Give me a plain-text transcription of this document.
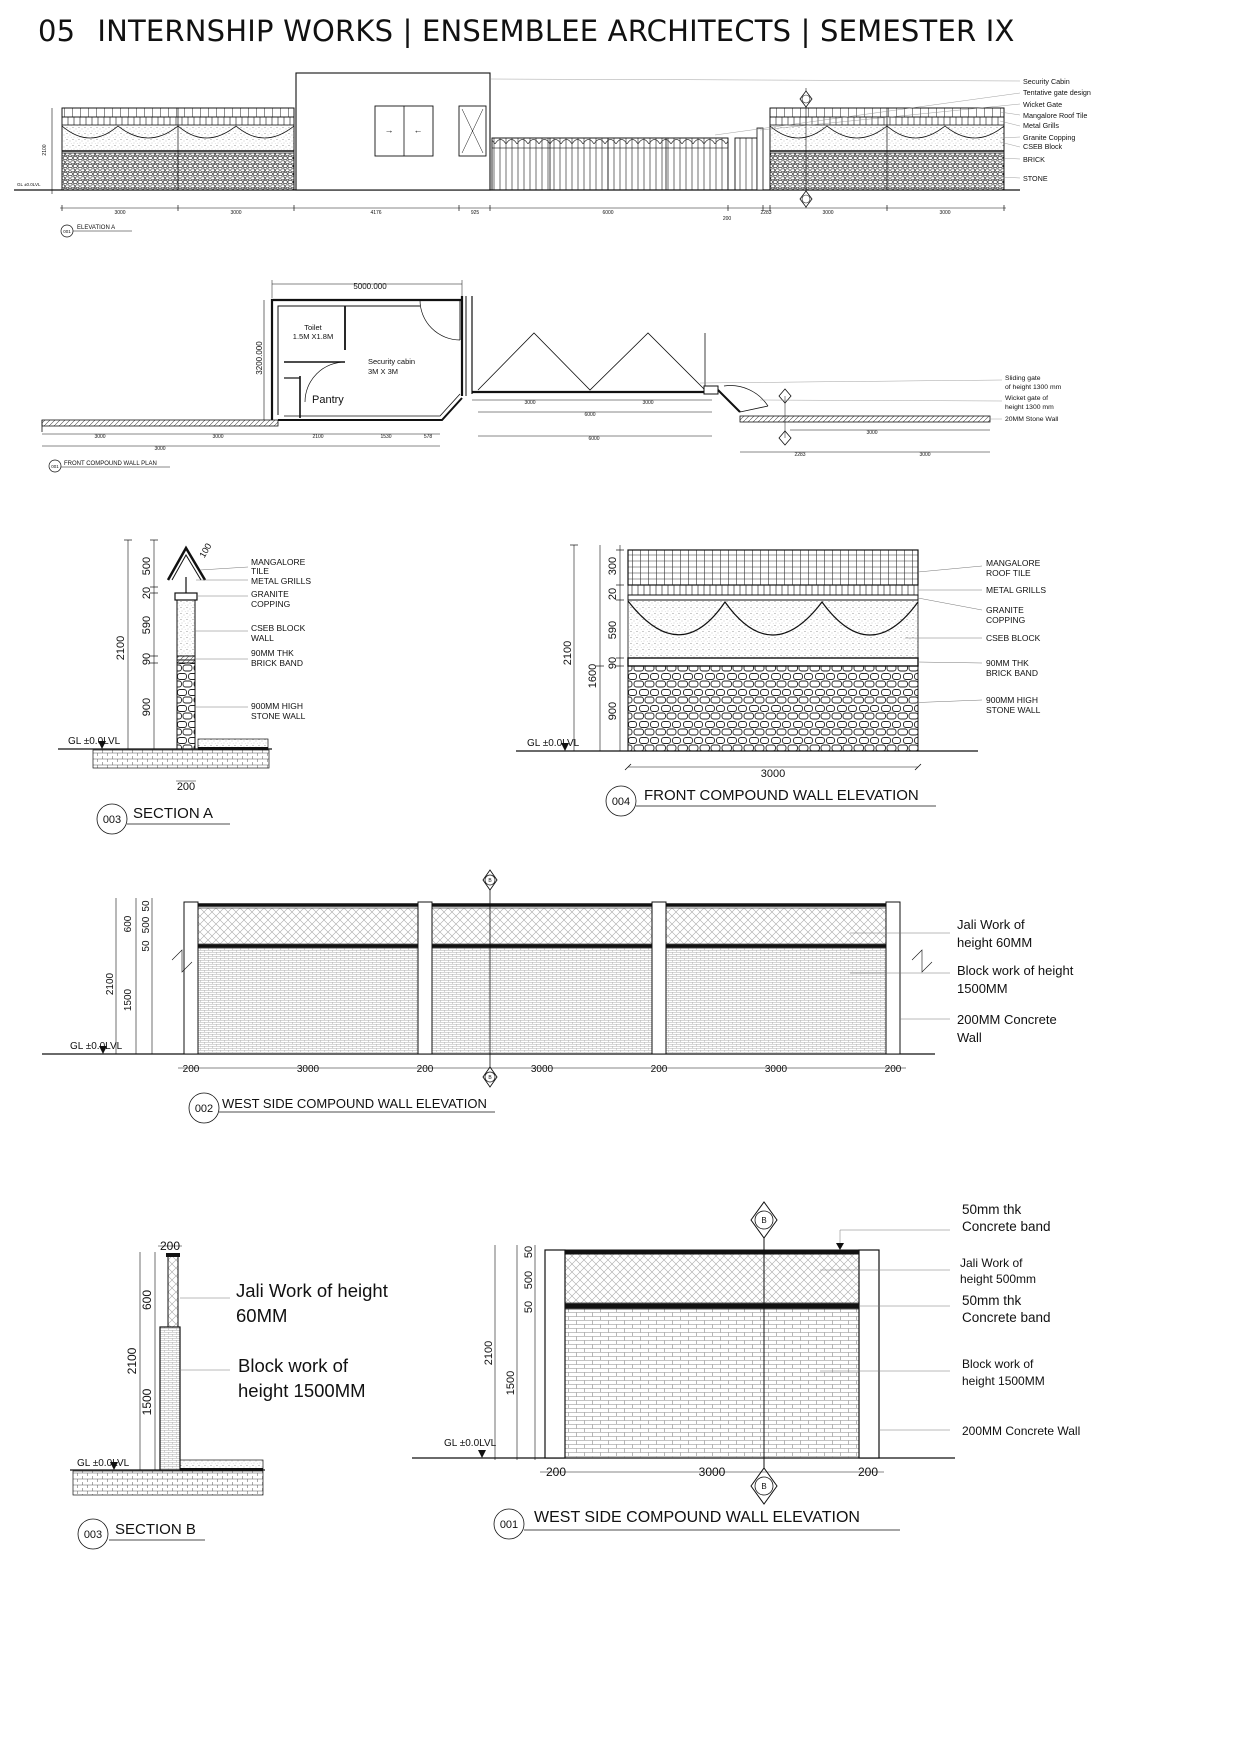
05 INTERNSHIP WORKS | ENSEMBLEE ARCHITECTS | SEMESTER IX
2100
GL ±0.0LVL
→ ←
Security Cabin
Tentative gate design
Wicket Gate
Mangalore Roof Tile
Metal Grills
Granite Copping
CSEB Block
BRICK
STONE
3000	3000	4176	925	6000
200
2283	3000	3000
001
ELEVATION A
Toilet
1.5M X1.8M
Security cabin
3M X 3M
Pantry
5000.000
3200.000
Sliding gate
of height 1300 mm
Wicket gate of
height 1300 mm
20MM Stone Wall
3000	3000
3000
2100	1530	578
3000	3000
6000
6000
2283
3000
3000
001 FRONT COMPOUND WALL PLAN
GL ±0.0LVL
500
20
590
90
900
2100
200
100
MANGALORE
TILE
METAL GRILLS
GRANITE
COPPING
CSEB BLOCK
WALL
90MM THK
BRICK BAND
900MM HIGH
STONE WALL
003 SECTION A
GL ±0.0LVL
300
20
590
90
900
1600
2100
3000
MANGALORE
ROOF TILE
METAL GRILLS
GRANITE
COPPING
CSEB BLOCK
90MM THK
BRICK BAND
900MM HIGH
STONE WALL
004 FRONT COMPOUND WALL ELEVATION
GL ±0.0LVL
B
B
50
600 500
50
2100
1500
200	3000	200	3000	200	3000	200
Jali Work of
height 60MM
Block work of height
1500MM
200MM Concrete
Wall
002 WEST SIDE COMPOUND WALL ELEVATION
GL ±0.0LVL
200
600
2100
1500
Jali Work of height
60MM
Block work of
height 1500MM
003 SECTION B
GL ±0.0LVL
B
B
50
500
50
2100
1500
200	3000	200
50mm thk
Concrete band
Jali Work of
height 500mm
50mm thk
Concrete band
Block work of
height 1500MM
200MM Concrete Wall
001 WEST SIDE COMPOUND WALL ELEVATION
